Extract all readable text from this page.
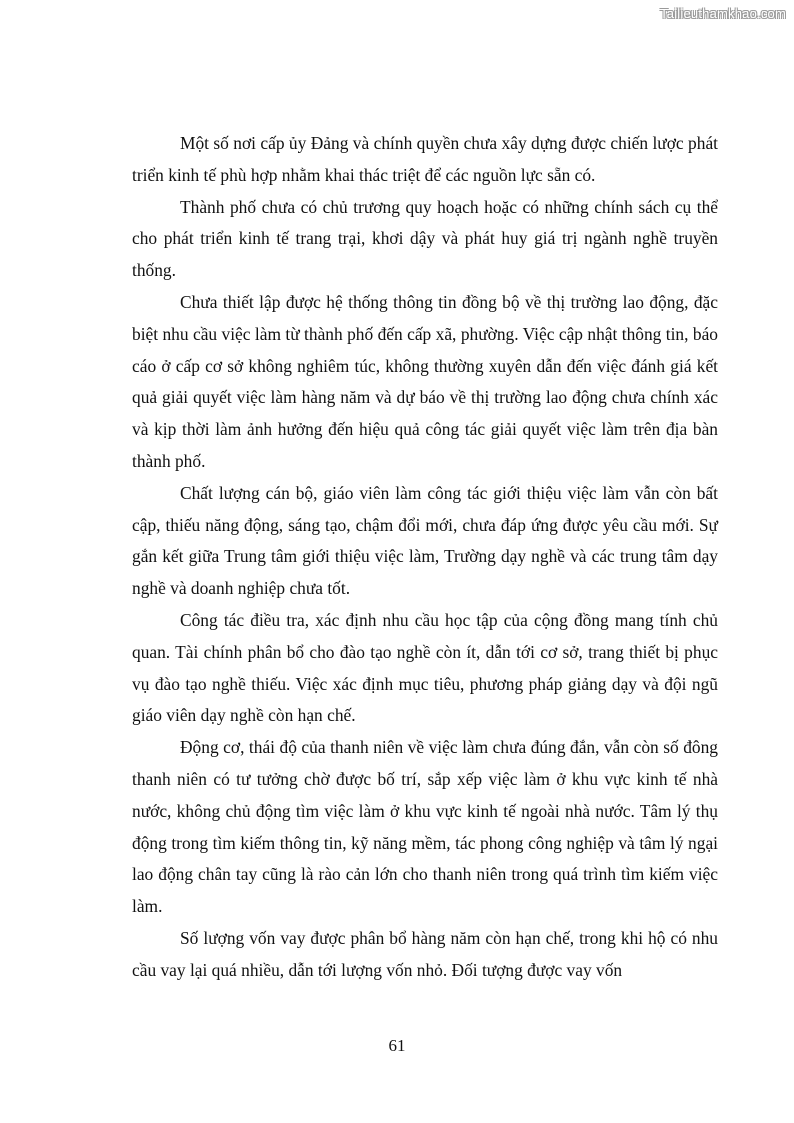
Tailieuthamkhao.com

Một số nơi cấp ủy Đảng và chính quyền chưa xây dựng được chiến lược phát triển kinh tế phù hợp nhằm khai thác triệt để các nguồn lực sẵn có.

Thành phố chưa có chủ trương quy hoạch hoặc có những chính sách cụ thể cho phát triển kinh tế trang trại, khơi dậy và phát huy giá trị ngành nghề truyền thống.

Chưa thiết lập được hệ thống thông tin đồng bộ về thị trường lao động, đặc biệt nhu cầu việc làm từ thành phố đến cấp xã, phường. Việc cập nhật thông tin, báo cáo ở cấp cơ sở không nghiêm túc, không thường xuyên dẫn đến việc đánh giá kết quả giải quyết việc làm hàng năm và dự báo về thị trường lao động chưa chính xác và kịp thời làm ảnh hưởng đến hiệu quả công tác giải quyết việc làm trên địa bàn thành phố.

Chất lượng cán bộ, giáo viên làm công tác giới thiệu việc làm vẫn còn bất cập, thiếu năng động, sáng tạo, chậm đổi mới, chưa đáp ứng được yêu cầu mới. Sự gắn kết giữa Trung tâm giới thiệu việc làm, Trường dạy nghề và các trung tâm dạy nghề và doanh nghiệp chưa tốt.

Công tác điều tra, xác định nhu cầu học tập của cộng đồng mang tính chủ quan. Tài chính phân bổ cho đào tạo nghề còn ít, dẫn tới cơ sở, trang thiết bị phục vụ đào tạo nghề thiếu. Việc xác định mục tiêu, phương pháp giảng dạy và đội ngũ giáo viên dạy nghề còn hạn chế.

Động cơ, thái độ của thanh niên về việc làm chưa đúng đắn, vẫn còn số đông thanh niên có tư tưởng chờ được bố trí, sắp xếp việc làm ở khu vực kinh tế nhà nước, không chủ động tìm việc làm ở khu vực kinh tế ngoài nhà nước. Tâm lý thụ động trong tìm kiếm thông tin, kỹ năng mềm, tác phong công nghiệp và tâm lý ngại lao động chân tay cũng là rào cản lớn cho thanh niên trong quá trình tìm kiếm việc làm.

Số lượng vốn vay được phân bổ hàng năm còn hạn chế, trong khi hộ có nhu cầu vay lại quá nhiều, dẫn tới lượng vốn nhỏ. Đối tượng được vay vốn

61
